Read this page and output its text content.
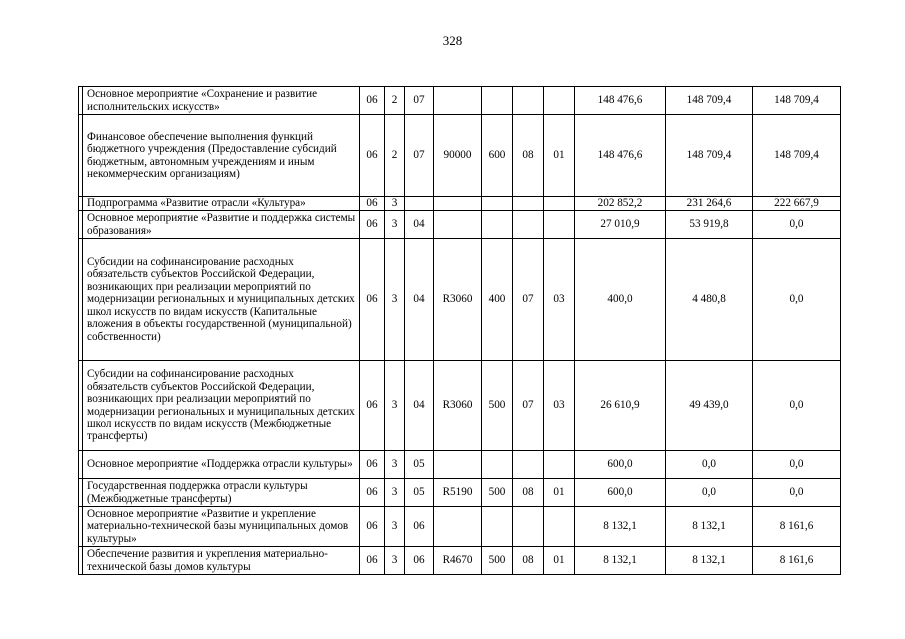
328
	Основное мероприятие «Сохранение и развитие исполнительских искусств»	06	2	07					148 476,6	148 709,4	148 709,4
	Финансовое обеспечение выполнения функций бюджетного учреждения (Предоставление субсидий бюджетным, автономным учреждениям и иным некоммерческим организациям)	06	2	07	90000	600	08	01	148 476,6	148 709,4	148 709,4
	Подпрограмма «Развитие отрасли «Культура»	06	3						202 852,2	231 264,6	222 667,9
	Основное мероприятие «Развитие и поддержка системы образования»	06	3	04					27 010,9	53 919,8	0,0
	Субсидии на софинансирование расходных обязательств субъектов Российской Федерации, возникающих при реализации мероприятий по модернизации региональных и муниципальных детских школ искусств по видам искусств (Капитальные вложения в объекты государственной (муниципальной) собственности)	06	3	04	R3060	400	07	03	400,0	4 480,8	0,0
	Субсидии на софинансирование расходных обязательств субъектов Российской Федерации, возникающих при реализации мероприятий по модернизации региональных и муниципальных детских школ искусств по видам искусств (Межбюджетные трансферты)	06	3	04	R3060	500	07	03	26 610,9	49 439,0	0,0
	Основное мероприятие «Поддержка отрасли культуры»	06	3	05					600,0	0,0	0,0
	Государственная поддержка отрасли культуры (Межбюджетные трансферты)	06	3	05	R5190	500	08	01	600,0	0,0	0,0
	Основное мероприятие «Развитие и укрепление материально-технической базы муниципальных домов культуры»	06	3	06					8 132,1	8 132,1	8 161,6
	Обеспечение развития и укрепления материально-технической базы домов культуры	06	3	06	R4670	500	08	01	8 132,1	8 132,1	8 161,6
